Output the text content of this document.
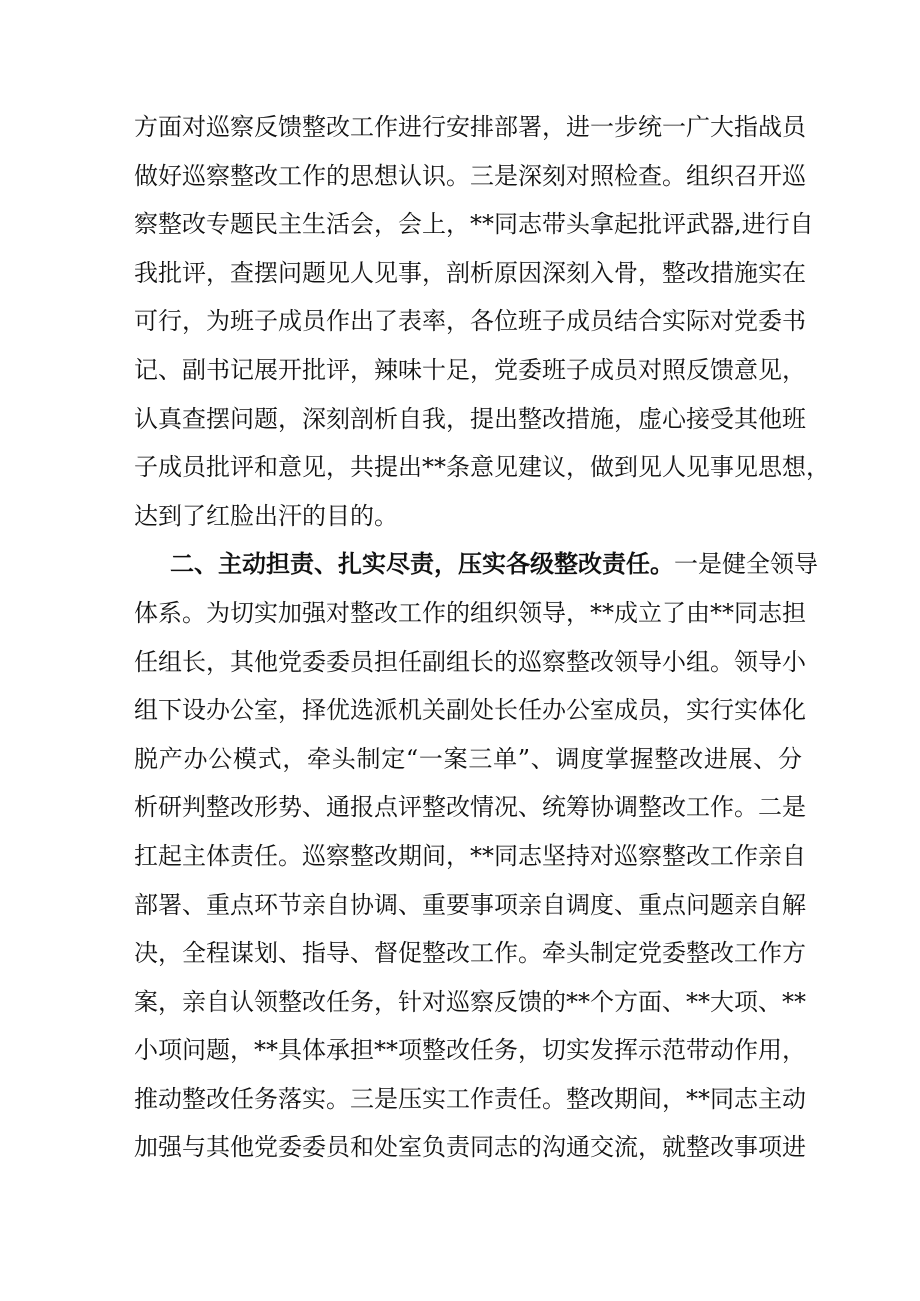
方面对巡察反馈整改工作进行安排部署，进一步统一广大指战员
做好巡察整改工作的思想认识。三是深刻对照检查。组织召开巡
察整改专题民主生活会，会上，**同志带头拿起批评武器,进行自
我批评，查摆问题见人见事，剖析原因深刻入骨，整改措施实在
可行，为班子成员作出了表率，各位班子成员结合实际对党委书
记、副书记展开批评，辣味十足，党委班子成员对照反馈意见，
认真查摆问题，深刻剖析自我，提出整改措施，虚心接受其他班
子成员批评和意见，共提出**条意见建议，做到见人见事见思想，
达到了红脸出汗的目的。
二、主动担责、扎实尽责，压实各级整改责任。一是健全领导
体系。为切实加强对整改工作的组织领导，**成立了由**同志担
任组长，其他党委委员担任副组长的巡察整改领导小组。领导小
组下设办公室，择优选派机关副处长任办公室成员，实行实体化
脱产办公模式，牵头制定“一案三单”、调度掌握整改进展、分
析研判整改形势、通报点评整改情况、统筹协调整改工作。二是
扛起主体责任。巡察整改期间，**同志坚持对巡察整改工作亲自
部署、重点环节亲自协调、重要事项亲自调度、重点问题亲自解
决，全程谋划、指导、督促整改工作。牵头制定党委整改工作方
案，亲自认领整改任务，针对巡察反馈的**个方面、**大项、**
小项问题，**具体承担**项整改任务，切实发挥示范带动作用，
推动整改任务落实。三是压实工作责任。整改期间，**同志主动
加强与其他党委委员和处室负责同志的沟通交流，就整改事项进
